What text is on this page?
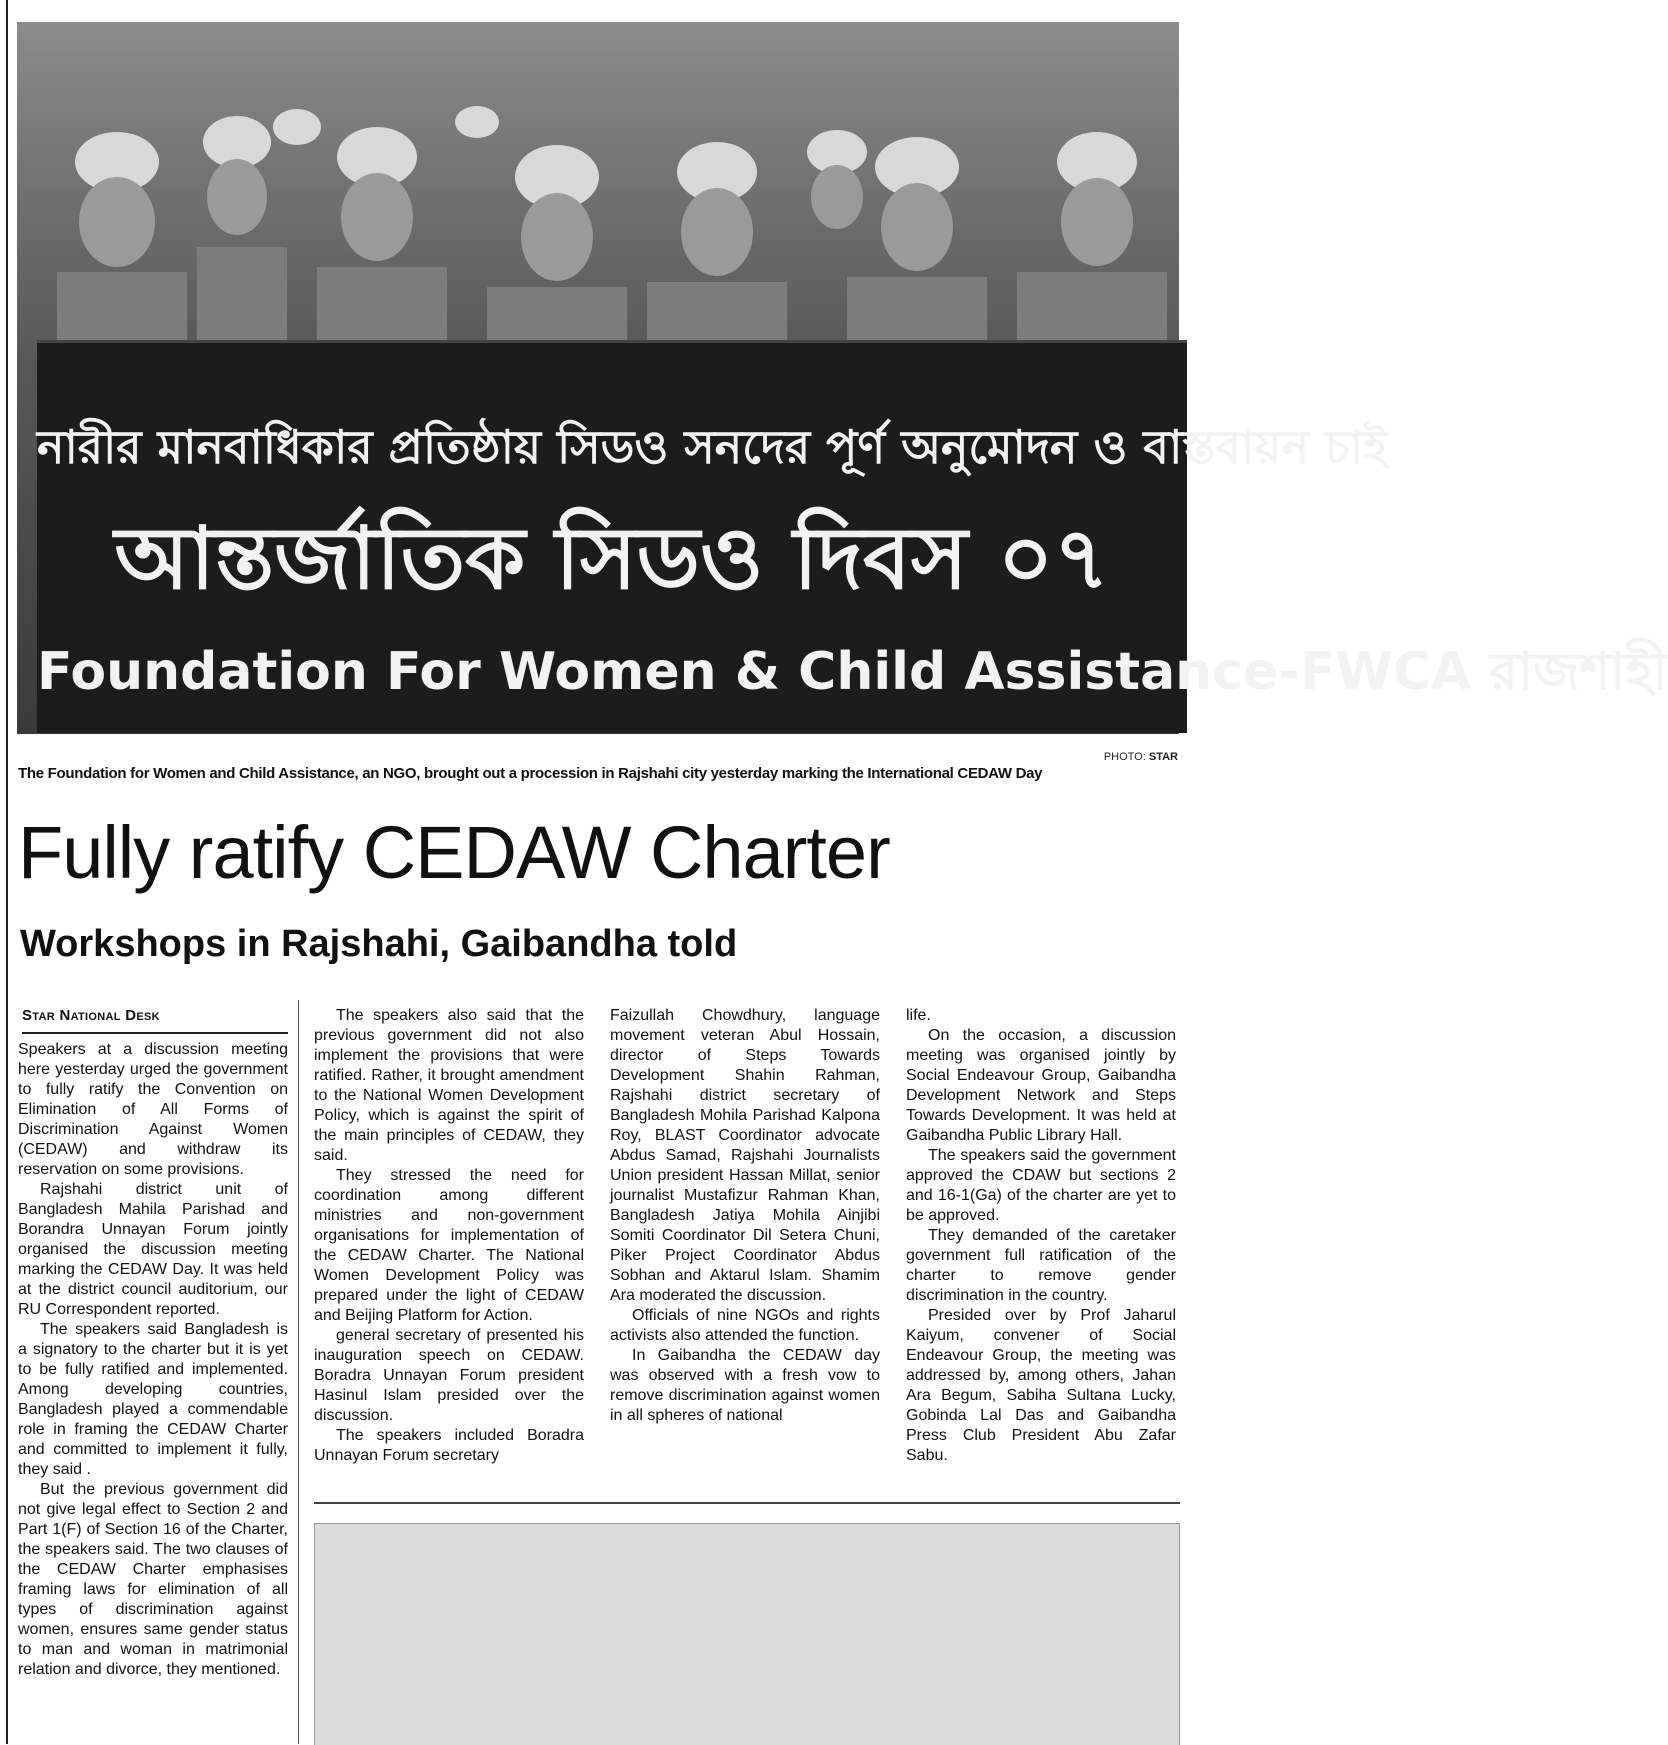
নারীর মানবাধিকার প্রতিষ্ঠায় সিডও সনদের পূর্ণ অনুমোদন ও বাস্তবায়ন চাই
আন্তর্জাতিক সিডও দিবস ০৭
Foundation For Women & Child Assistance-FWCA রাজশাহী
PHOTO: STAR
The Foundation for Women and Child Assistance, an NGO, brought out a procession in Rajshahi city yesterday marking the International CEDAW Day
Fully ratify CEDAW Charter
Workshops in Rajshahi, Gaibandha told
Star National Desk

Speakers at a discussion meeting here yesterday urged the government to fully ratify the Convention on Elimination of All Forms of Discrimination Against Women (CEDAW) and withdraw its reservation on some provisions.

Rajshahi district unit of Bangladesh Mahila Parishad and Borandra Unnayan Forum jointly organised the discussion meeting marking the CEDAW Day. It was held at the district council auditorium, our RU Correspondent reported.

The speakers said Bangladesh is a signatory to the charter but it is yet to be fully ratified and implemented. Among developing countries, Bangladesh played a commendable role in framing the CEDAW Charter and committed to implement it fully, they said .

But the previous government did not give legal effect to Section 2 and Part 1(F) of Section 16 of the Charter, the speakers said. The two clauses of the CEDAW Charter emphasises framing laws for elimination of all types of discrimination against women, ensures same gender status to man and woman in matrimonial relation and divorce, they mentioned.

The speakers also said that the previous government did not also implement the provisions that were ratified. Rather, it brought amendment to the National Women Development Policy, which is against the spirit of the main principles of CEDAW, they said.

They stressed the need for coordination among different ministries and non-government organisations for implementation of the CEDAW Charter. The National Women Development Policy was prepared under the light of CEDAW and Beijing Platform for Action.

general secretary of presented his inauguration speech on CEDAW. Boradra Unnayan Forum president Hasinul Islam presided over the discussion.

The speakers included Boradra Unnayan Forum secretary

Faizullah Chowdhury, language movement veteran Abul Hossain, director of Steps Towards Development Shahin Rahman, Rajshahi district secretary of Bangladesh Mohila Parishad Kalpona Roy, BLAST Coordinator advocate Abdus Samad, Rajshahi Journalists Union president Hassan Millat, senior journalist Mustafizur Rahman Khan, Bangladesh Jatiya Mohila Ainjibi Somiti Coordinator Dil Setera Chuni, Piker Project Coordinator Abdus Sobhan and Aktarul Islam. Shamim Ara moderated the discussion.

Officials of nine NGOs and rights activists also attended the function.

In Gaibandha the CEDAW day was observed with a fresh vow to remove discrimination against women in all spheres of national

life.

On the occasion, a discussion meeting was organised jointly by Social Endeavour Group, Gaibandha Development Network and Steps Towards Development. It was held at Gaibandha Public Library Hall.

The speakers said the government approved the CDAW but sections 2 and 16-1(Ga) of the charter are yet to be approved.

They demanded of the caretaker government full ratification of the charter to remove gender discrimination in the country.

Presided over by Prof Jaharul Kaiyum, convener of Social Endeavour Group, the meeting was addressed by, among others, Jahan Ara Begum, Sabiha Sultana Lucky, Gobinda Lal Das and Gaibandha Press Club President Abu Zafar Sabu.
